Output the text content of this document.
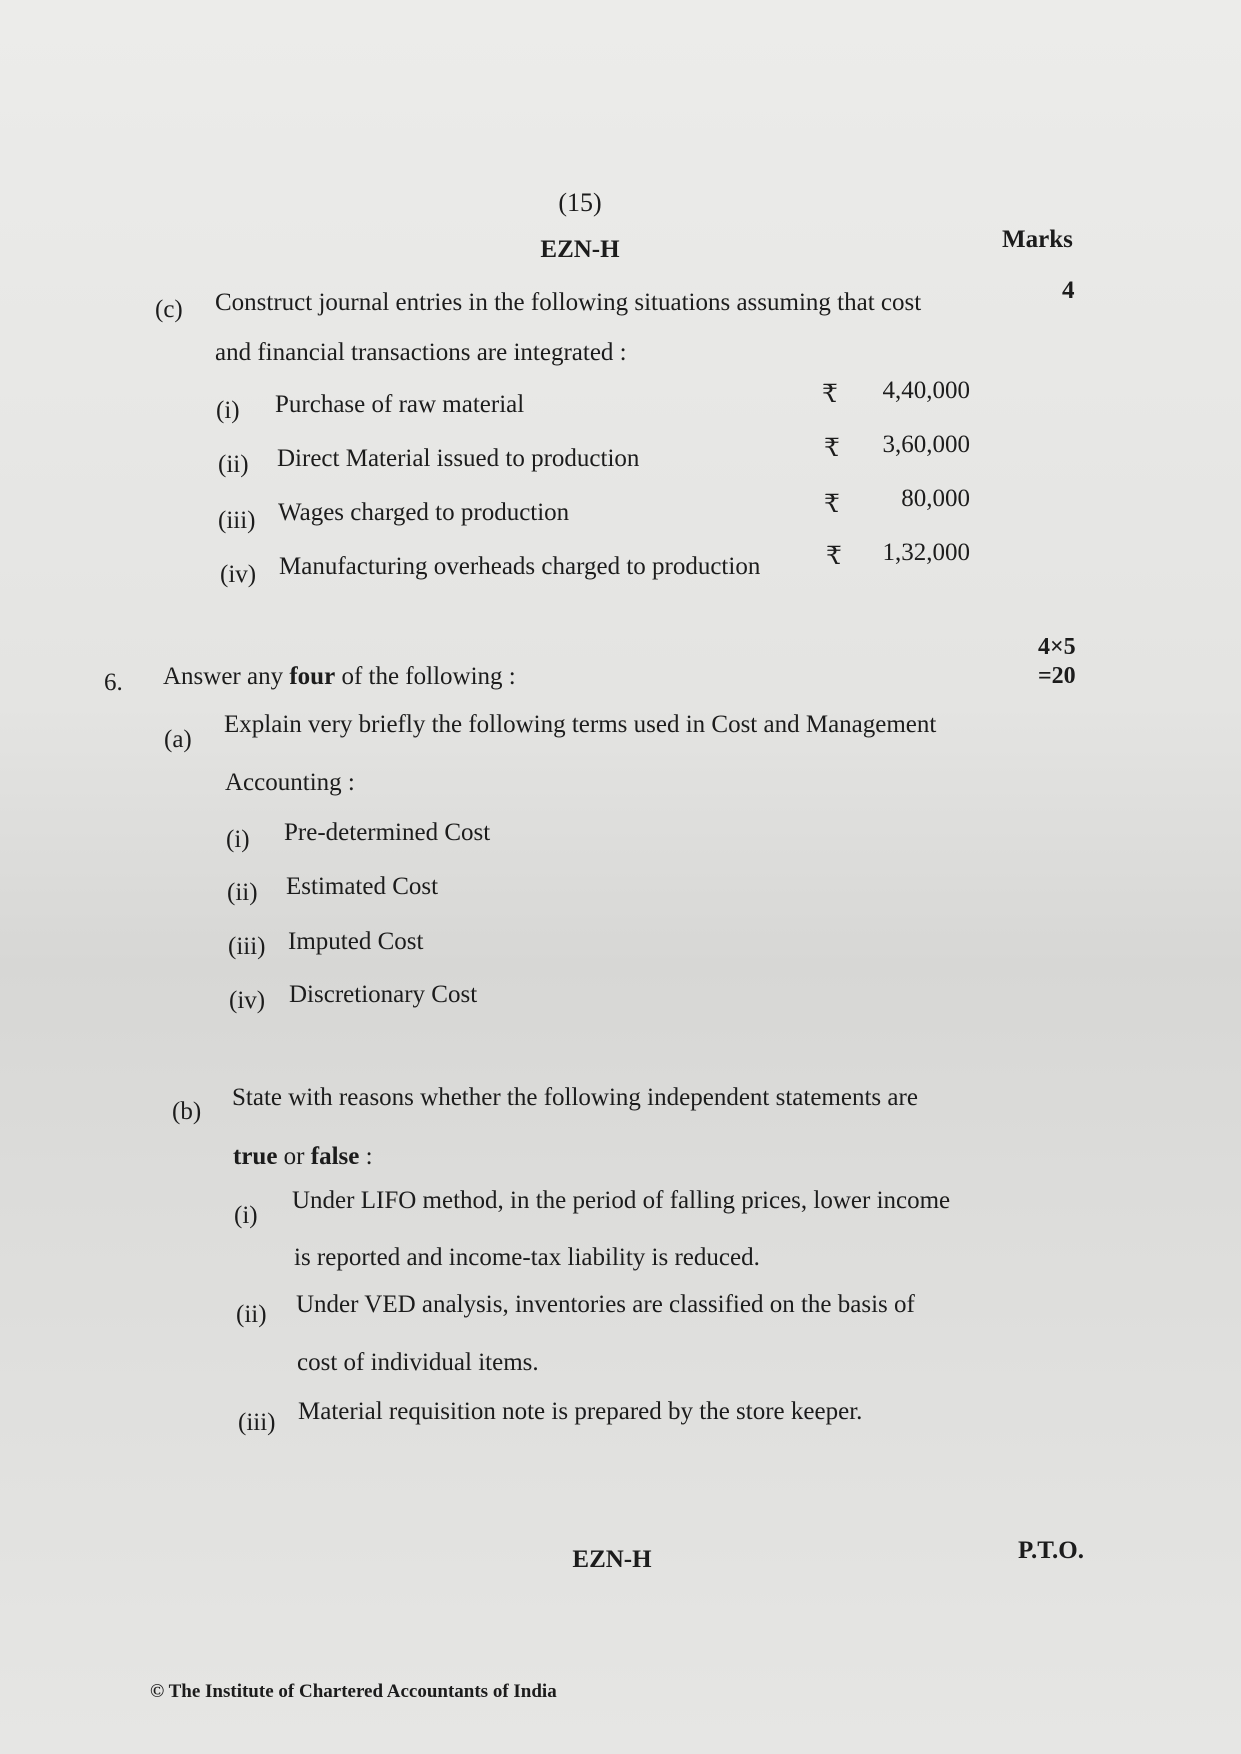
(15)
EZN-H	Marks
(c) Construct journal entries in the following situations assuming that cost	4
and financial transactions are integrated :
(i) Purchase of raw material	₹	4,40,000
(ii) Direct Material issued to production	₹	3,60,000
(iii) Wages charged to production	₹	80,000
(iv) Manufacturing overheads charged to production	₹	1,32,000
6. Answer any four of the following :
4×5
=20
(a)
Explain very briefly the following terms used in Cost and Management
Accounting :
(i) Pre-determined Cost
(ii) Estimated Cost
(iii) Imputed Cost
(iv) Discretionary Cost
(b)
State with reasons whether the following independent statements are
true or false :
(i)
Under LIFO method, in the period of falling prices, lower income
is reported and income-tax liability is reduced.
(ii) Under VED analysis, inventories are classified on the basis of
cost of individual items.
(iii) Material requisition note is prepared by the store keeper.
EZN-H	P.T.O.
© The Institute of Chartered Accountants of India
